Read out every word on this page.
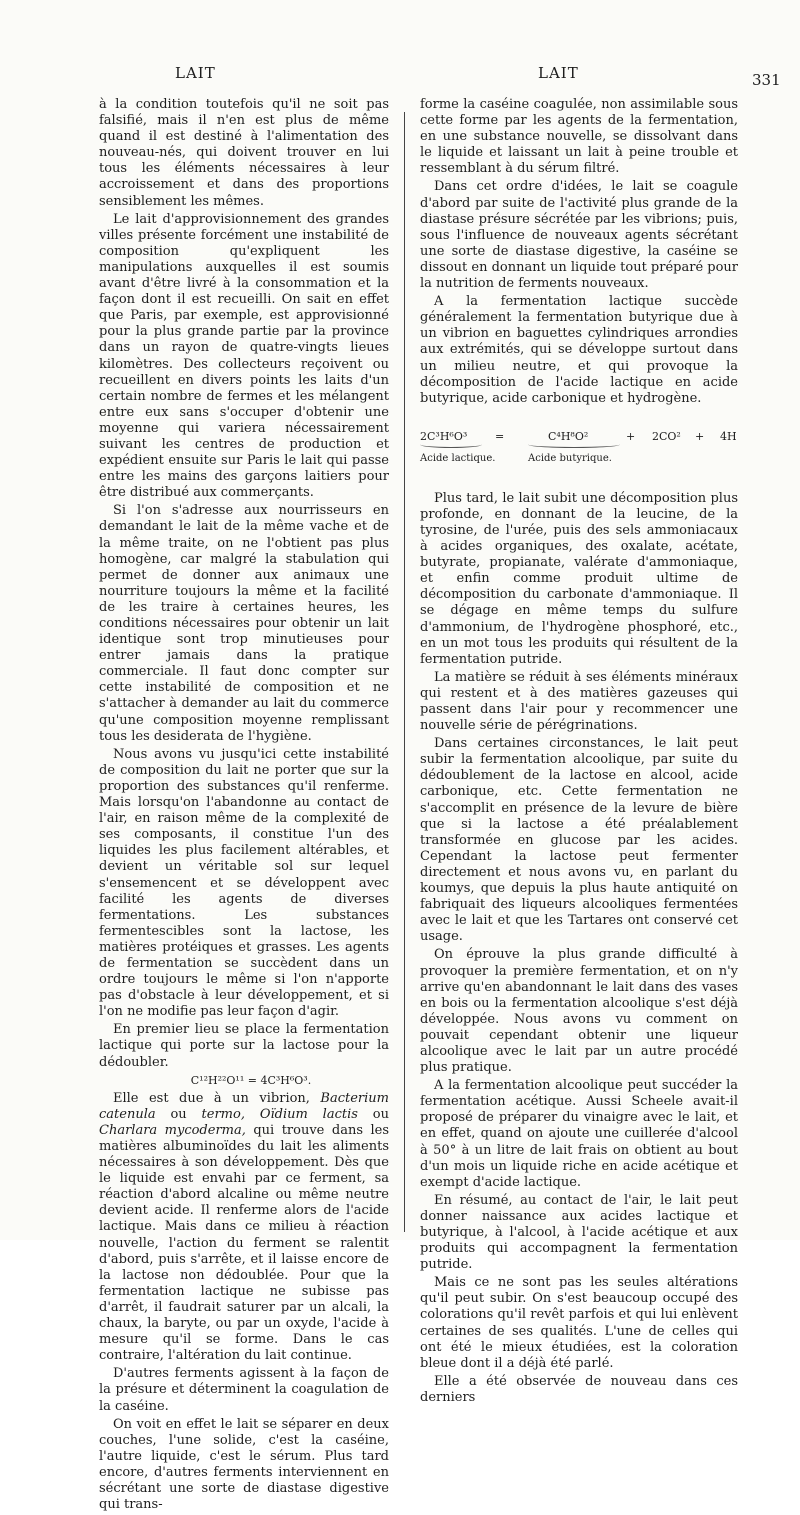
LAIT	LAIT	331

à la condition toutefois qu'il ne soit pas falsifié, mais il n'en est plus de même quand il est destiné à l'alimentation des nouveau-nés, qui doivent trouver en lui tous les éléments nécessaires à leur accroissement et dans des proportions sensiblement les mêmes.

Le lait d'approvisionnement des grandes villes présente forcément une instabilité de composition qu'expliquent les manipulations auxquelles il est soumis avant d'être livré à la consommation et la façon dont il est recueilli. On sait en effet que Paris, par exemple, est approvisionné pour la plus grande partie par la province dans un rayon de quatre-vingts lieues kilomètres. Des collecteurs reçoivent ou recueillent en divers points les laits d'un certain nombre de fermes et les mélangent entre eux sans s'occuper d'obtenir une moyenne qui variera nécessairement suivant les centres de production et expédient ensuite sur Paris le lait qui passe entre les mains des garçons laitiers pour être distribué aux commerçants.

Si l'on s'adresse aux nourrisseurs en demandant le lait de la même vache et de la même traite, on ne l'obtient pas plus homogène, car malgré la stabulation qui permet de donner aux animaux une nourriture toujours la même et la facilité de les traire à certaines heures, les conditions nécessaires pour obtenir un lait identique sont trop minutieuses pour entrer jamais dans la pratique commerciale. Il faut donc compter sur cette instabilité de composition et ne s'attacher à demander au lait du commerce qu'une composition moyenne remplissant tous les desiderata de l'hygiène.

Nous avons vu jusqu'ici cette instabilité de composition du lait ne porter que sur la proportion des substances qu'il renferme. Mais lorsqu'on l'abandonne au contact de l'air, en raison même de la complexité de ses composants, il constitue l'un des liquides les plus facilement altérables, et devient un véritable sol sur lequel s'ensemencent et se développent avec facilité les agents de diverses fermentations. Les substances fermentescibles sont la lactose, les matières protéiques et grasses. Les agents de fermentation se succèdent dans un ordre toujours le même si l'on n'apporte pas d'obstacle à leur développement, et si l'on ne modifie pas leur façon d'agir.

En premier lieu se place la fermentation lactique qui porte sur la lactose pour la dédoubler.

C¹²H²²O¹¹ = 4C³H⁶O³.

Elle est due à un vibrion, Bacterium catenula ou termo, Oïdium lactis ou Charlara mycoderma, qui trouve dans les matières albuminoïdes du lait les aliments nécessaires à son développement. Dès que le liquide est envahi par ce ferment, sa réaction d'abord alcaline ou même neutre devient acide. Il renferme alors de l'acide lactique. Mais dans ce milieu à réaction nouvelle, l'action du ferment se ralentit d'abord, puis s'arrête, et il laisse encore de la lactose non dédoublée. Pour que la fermentation lactique ne subisse pas d'arrêt, il faudrait saturer par un alcali, la chaux, la baryte, ou par un oxyde, l'acide à mesure qu'il se forme. Dans le cas contraire, l'altération du lait continue.

D'autres ferments agissent à la façon de la présure et déterminent la coagulation de la caséine.

On voit en effet le lait se séparer en deux couches, l'une solide, c'est la caséine, l'autre liquide, c'est le sérum. Plus tard encore, d'autres ferments interviennent en sécrétant une sorte de diastase digestive qui trans-

forme la caséine coagulée, non assimilable sous cette forme par les agents de la fermentation, en une substance nouvelle, se dissolvant dans le liquide et laissant un lait à peine trouble et ressemblant à du sérum filtré.

Dans cet ordre d'idées, le lait se coagule d'abord par suite de l'activité plus grande de la diastase présure sécrétée par les vibrions; puis, sous l'influence de nouveaux agents sécrétant une sorte de diastase digestive, la caséine se dissout en donnant un liquide tout préparé pour la nutrition de ferments nouveaux.

A la fermentation lactique succède généralement la fermentation butyrique due à un vibrion en baguettes cylindriques arrondies aux extrémités, qui se développe surtout dans un milieu neutre, et qui provoque la décomposition de l'acide lactique en acide butyrique, acide carbonique et hydrogène.

2C³H⁶O³	=	C⁴H⁸O²	+ 2CO² + 4H
Acide lactique.	Acide butyrique.

Plus tard, le lait subit une décomposition plus profonde, en donnant de la leucine, de la tyrosine, de l'urée, puis des sels ammoniacaux à acides organiques, des oxalate, acétate, butyrate, propianate, valérate d'ammoniaque, et enfin comme produit ultime de décomposition du carbonate d'ammoniaque. Il se dégage en même temps du sulfure d'ammonium, de l'hydrogène phosphoré, etc., en un mot tous les produits qui résultent de la fermentation putride.

La matière se réduit à ses éléments minéraux qui restent et à des matières gazeuses qui passent dans l'air pour y recommencer une nouvelle série de pérégrinations.

Dans certaines circonstances, le lait peut subir la fermentation alcoolique, par suite du dédoublement de la lactose en alcool, acide carbonique, etc. Cette fermentation ne s'accomplit en présence de la levure de bière que si la lactose a été préalablement transformée en glucose par les acides. Cependant la lactose peut fermenter directement et nous avons vu, en parlant du koumys, que depuis la plus haute antiquité on fabriquait des liqueurs alcooliques fermentées avec le lait et que les Tartares ont conservé cet usage.

On éprouve la plus grande difficulté à provoquer la première fermentation, et on n'y arrive qu'en abandonnant le lait dans des vases en bois ou la fermentation alcoolique s'est déjà développée. Nous avons vu comment on pouvait cependant obtenir une liqueur alcoolique avec le lait par un autre procédé plus pratique.

A la fermentation alcoolique peut succéder la fermentation acétique. Aussi Scheele avait-il proposé de préparer du vinaigre avec le lait, et en effet, quand on ajoute une cuillerée d'alcool à 50° à un litre de lait frais on obtient au bout d'un mois un liquide riche en acide acétique et exempt d'acide lactique.

En résumé, au contact de l'air, le lait peut donner naissance aux acides lactique et butyrique, à l'alcool, à l'acide acétique et aux produits qui accompagnent la fermentation putride.

Mais ce ne sont pas les seules altérations qu'il peut subir. On s'est beaucoup occupé des colorations qu'il revêt parfois et qui lui enlèvent certaines de ses qualités. L'une de celles qui ont été le mieux étudiées, est la coloration bleue dont il a déjà été parlé.

Elle a été observée de nouveau dans ces derniers
